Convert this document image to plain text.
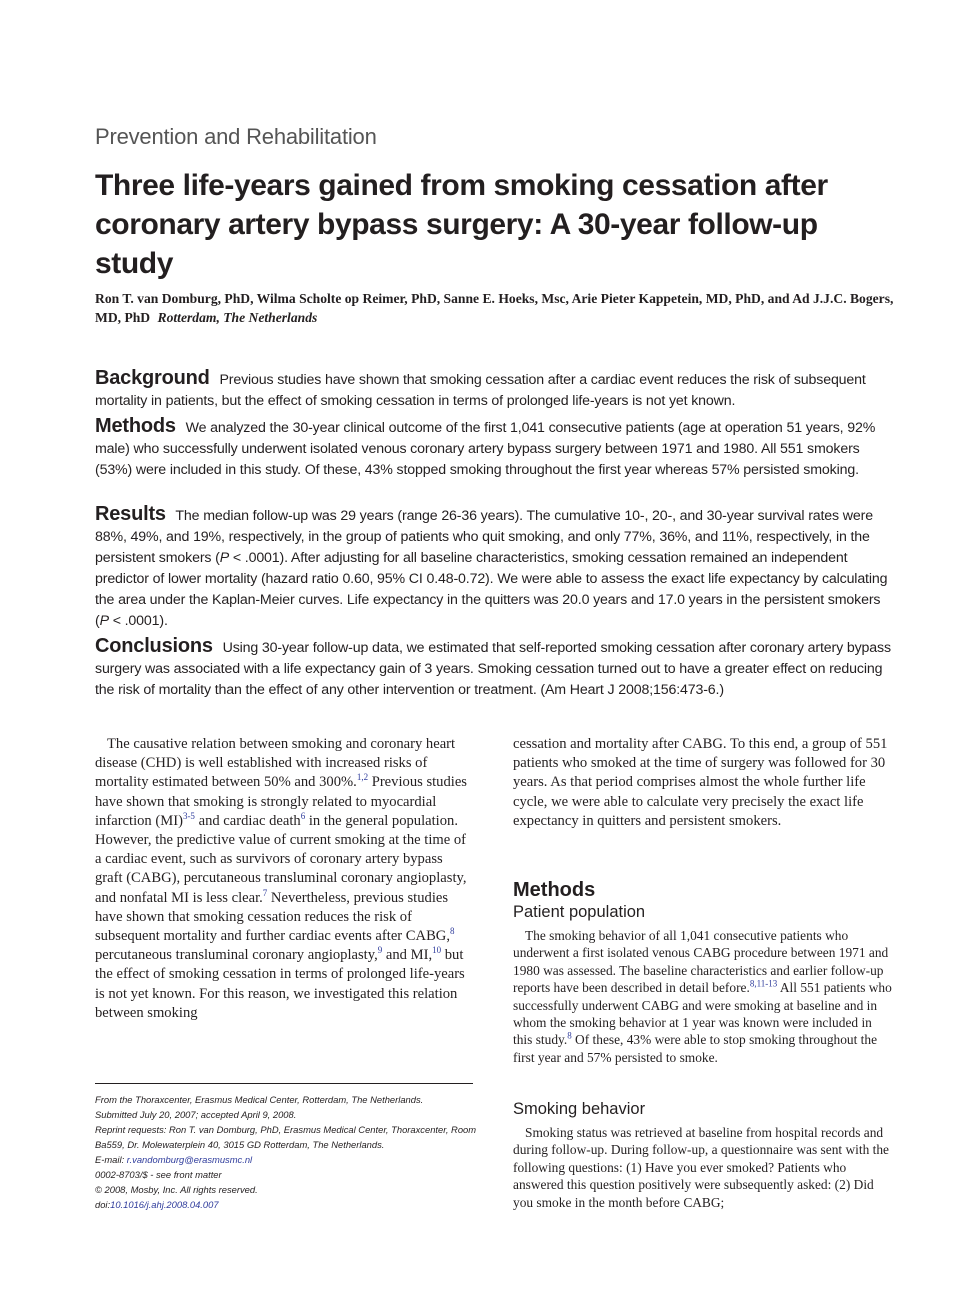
Prevention and Rehabilitation
Three life-years gained from smoking cessation after coronary artery bypass surgery: A 30-year follow-up study
Ron T. van Domburg, PhD, Wilma Scholte op Reimer, PhD, Sanne E. Hoeks, Msc, Arie Pieter Kappetein, MD, PhD, and Ad J.J.C. Bogers, MD, PhD Rotterdam, The Netherlands

Background Previous studies have shown that smoking cessation after a cardiac event reduces the risk of subsequent mortality in patients, but the effect of smoking cessation in terms of prolonged life-years is not yet known.

Methods We analyzed the 30-year clinical outcome of the first 1,041 consecutive patients (age at operation 51 years, 92% male) who successfully underwent isolated venous coronary artery bypass surgery between 1971 and 1980. All 551 smokers (53%) were included in this study. Of these, 43% stopped smoking throughout the first year whereas 57% persisted smoking.

Results The median follow-up was 29 years (range 26-36 years). The cumulative 10-, 20-, and 30-year survival rates were 88%, 49%, and 19%, respectively, in the group of patients who quit smoking, and only 77%, 36%, and 11%, respectively, in the persistent smokers (P < .0001). After adjusting for all baseline characteristics, smoking cessation remained an independent predictor of lower mortality (hazard ratio 0.60, 95% CI 0.48-0.72). We were able to assess the exact life expectancy by calculating the area under the Kaplan-Meier curves. Life expectancy in the quitters was 20.0 years and 17.0 years in the persistent smokers (P < .0001).

Conclusions Using 30-year follow-up data, we estimated that self-reported smoking cessation after coronary artery bypass surgery was associated with a life expectancy gain of 3 years. Smoking cessation turned out to have a greater effect on reducing the risk of mortality than the effect of any other intervention or treatment. (Am Heart J 2008;156:473-6.)

The causative relation between smoking and coronary heart disease (CHD) is well established with increased risks of mortality estimated between 50% and 300%.$^{1,2}$ Previous studies have shown that smoking is strongly related to myocardial infarction (MI)$^{3-5}$ and cardiac death$^6$ in the general population. However, the predictive value of current smoking at the time of a cardiac event, such as survivors of coronary artery bypass graft (CABG), percutaneous transluminal coronary angioplasty, and nonfatal MI is less clear.$^7$ Nevertheless, previous studies have shown that smoking cessation reduces the risk of subsequent mortality and further cardiac events after CABG,$^8$ percutaneous transluminal coronary angioplasty,$^9$ and MI,$^{10}$ but the effect of smoking cessation in terms of prolonged life-years is not yet known. For this reason, we investigated this relation between smoking

cessation and mortality after CABG. To this end, a group of 551 patients who smoked at the time of surgery was followed for 30 years. As that period comprises almost the whole further life cycle, we were able to calculate very precisely the exact life expectancy in quitters and persistent smokers.

Methods
Patient population

The smoking behavior of all 1,041 consecutive patients who underwent a first isolated venous CABG procedure between 1971 and 1980 was assessed. The baseline characteristics and earlier follow-up reports have been described in detail before.$^{8,11-13}$ All 551 patients who successfully underwent CABG and were smoking at baseline and in whom the smoking behavior at 1 year was known were included in this study.$^8$ Of these, 43% were able to stop smoking throughout the first year and 57% persisted to smoke.

Smoking behavior

Smoking status was retrieved at baseline from hospital records and during follow-up. During follow-up, a questionnaire was sent with the following questions: (1) Have you ever smoked? Patients who answered this question positively were subsequently asked: (2) Did you smoke in the month before CABG;

From the Thoraxcenter, Erasmus Medical Center, Rotterdam, The Netherlands.
Submitted July 20, 2007; accepted April 9, 2008.
Reprint requests: Ron T. van Domburg, PhD, Erasmus Medical Center, Thoraxcenter, Room
Ba559, Dr. Molewaterplein 40, 3015 GD Rotterdam, The Netherlands.
E-mail: r.vandomburg@erasmusmc.nl
0002-8703/$ - see front matter
© 2008, Mosby, Inc. All rights reserved.
doi:10.1016/j.ahj.2008.04.007
